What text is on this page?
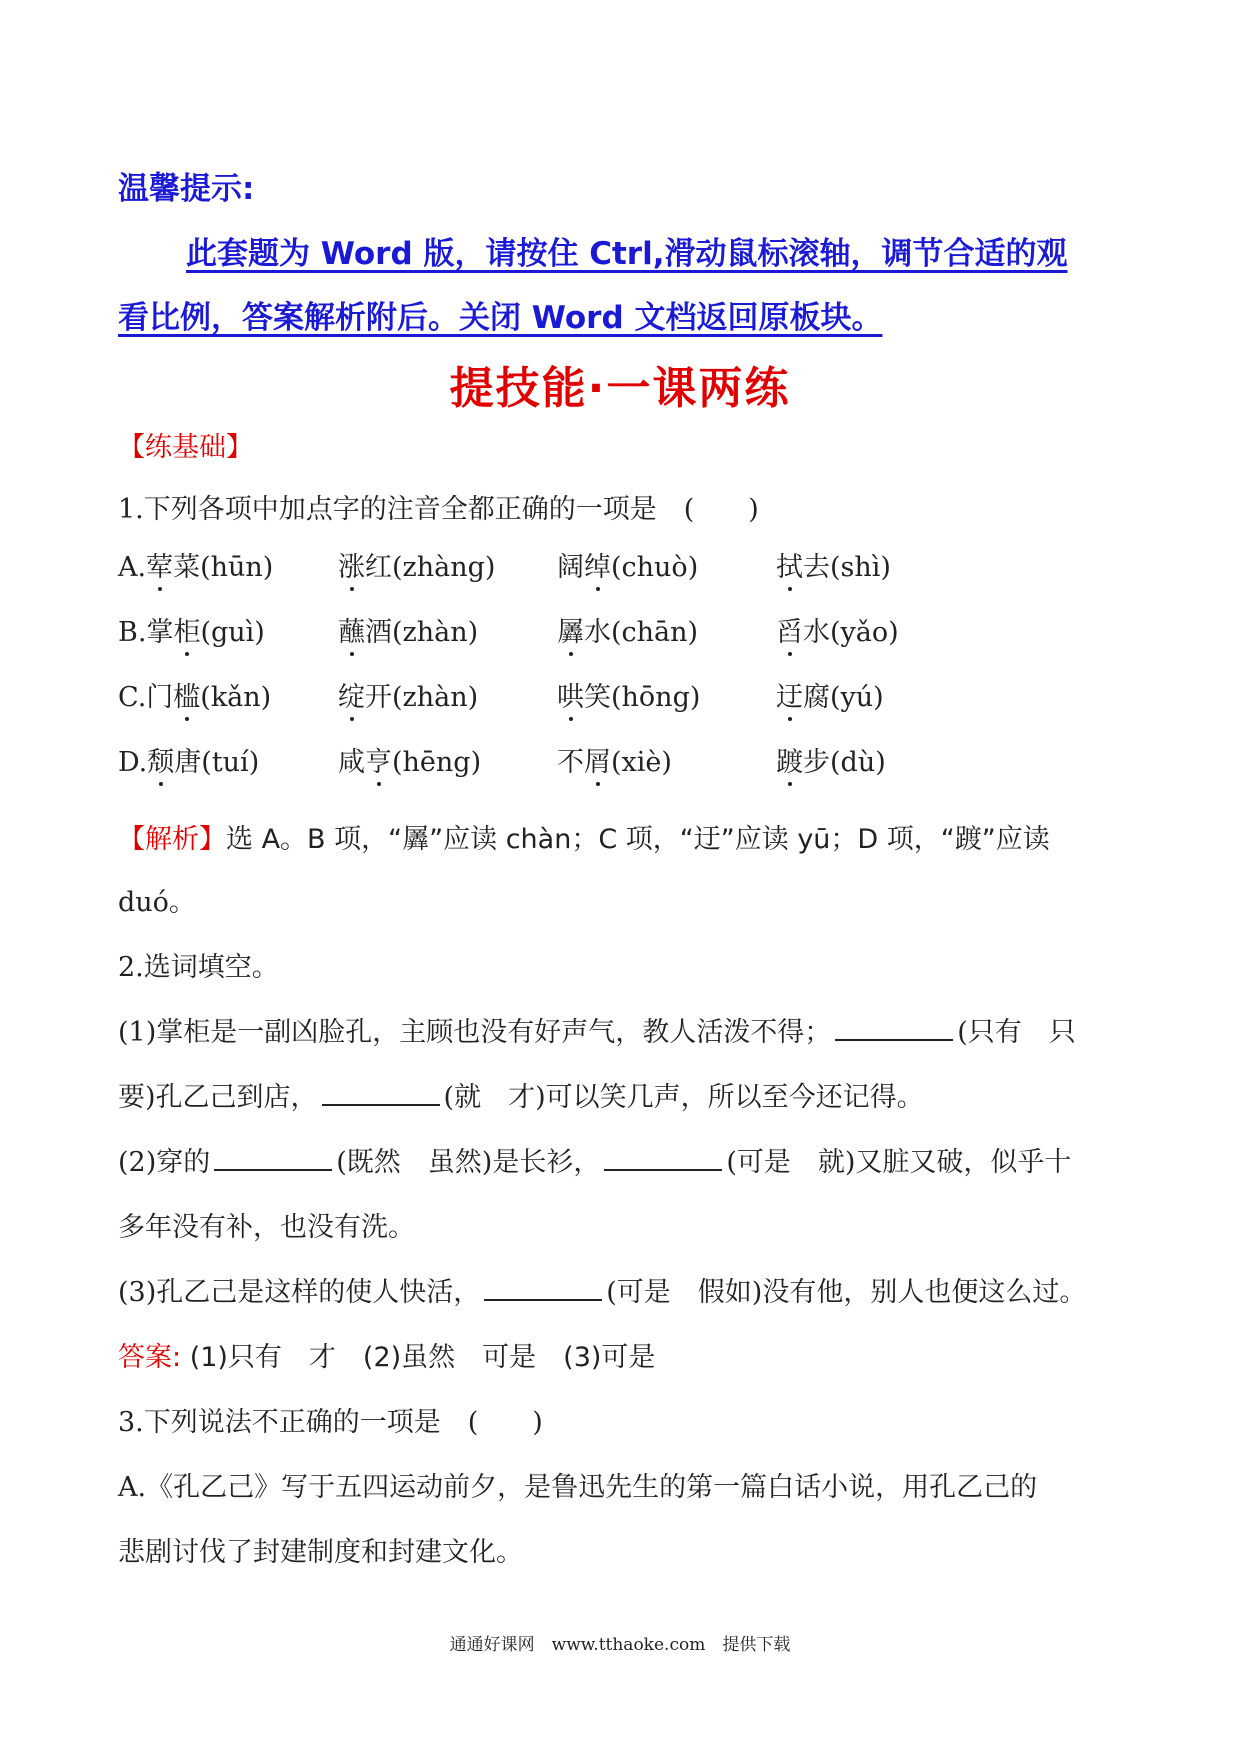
温馨提示:
此套题为 Word 版，请按住 Ctrl,滑动鼠标滚轴，调节合适的观
看比例，答案解析附后。关闭 Word 文档返回原板块。
提技能·一课两练
【练基础】
1.下列各项中加点字的注音全都正确的一项是　(　　)
A.荤菜(hūn) 涨红(zhàng) 阔绰(chuò)	拭去(shì)
B.掌柜(guì)	蘸酒(zhàn)	羼水(chān)	舀水(yǎo)
C.门槛(kǎn) 绽开(zhàn)	哄笑(hōng)	迂腐(yú)
D.颓唐(tuí)	咸亨(hēng)	不屑(xiè)	踱步(dù)
【解析】选 A。B 项，“羼”应读 chàn；C 项，“迂”应读 yū；D 项，“踱”应读
duó。
2.选词填空。
(1)掌柜是一副凶脸孔，主顾也没有好声气，教人活泼不得；	(只有　只
要)孔乙己到店，	(就　才)可以笑几声，所以至今还记得。
(2)穿的	(既然　虽然)是长衫，	(可是　就)又脏又破，似乎十
多年没有补，也没有洗。
(3)孔乙己是这样的使人快活，	(可是　假如)没有他，别人也便这么过。
答案: (1)只有　才　(2)虽然　可是　(3)可是
3.下列说法不正确的一项是　(　　)
A.《孔乙己》写于五四运动前夕，是鲁迅先生的第一篇白话小说，用孔乙己的
悲剧讨伐了封建制度和封建文化。
通通好课网　www.tthaoke.com　提供下载
